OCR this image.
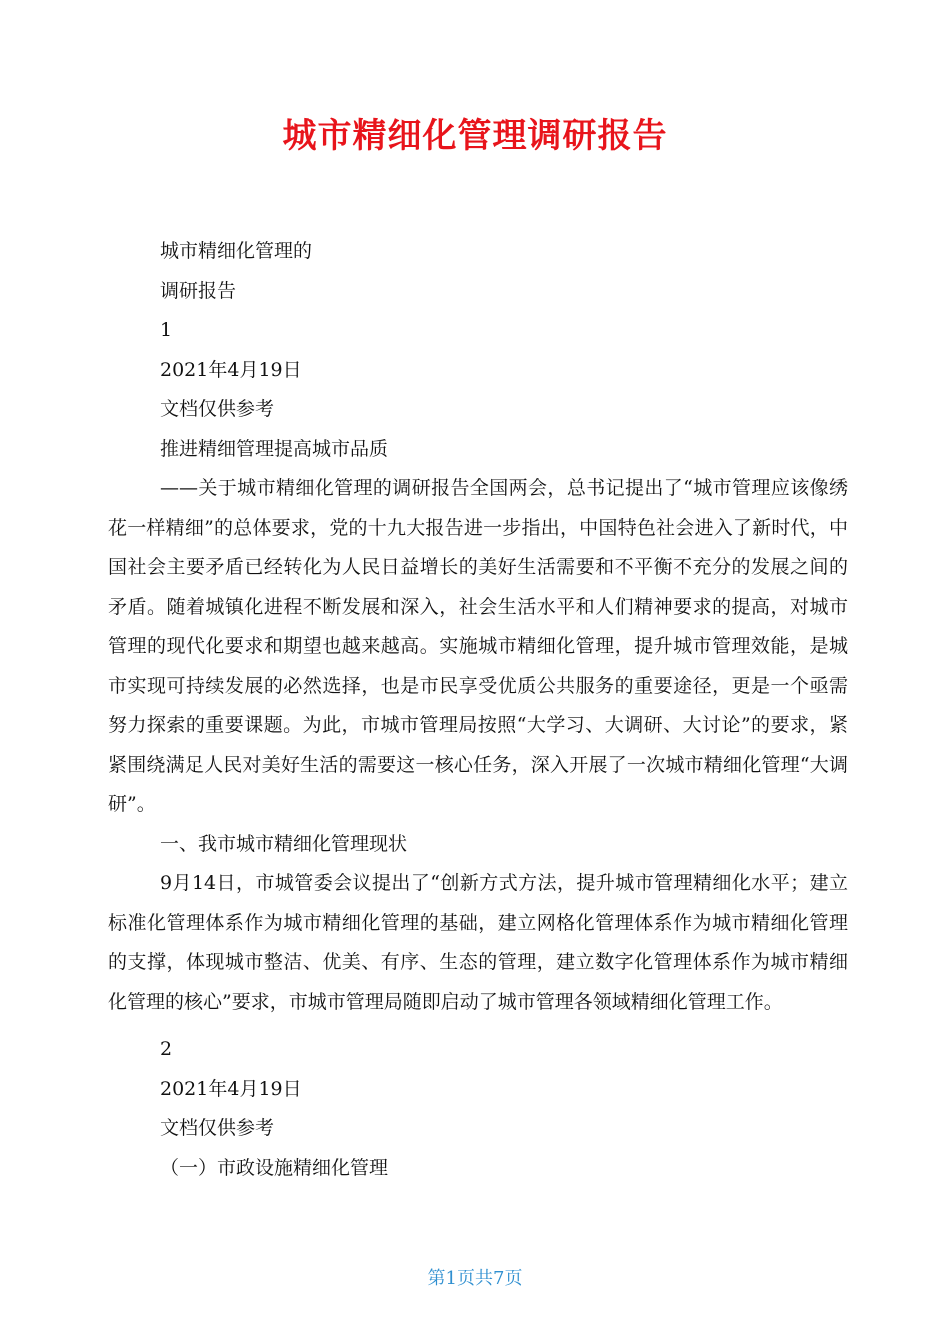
城市精细化管理调研报告

城市精细化管理的

调研报告

1

2021年4月19日

文档仅供参考

推进精细管理提高城市品质

——关于城市精细化管理的调研报告全国两会，总书记提出了“城市管理应该像绣花一样精细”的总体要求，党的十九大报告进一步指出，中国特色社会进入了新时代，中国社会主要矛盾已经转化为人民日益增长的美好生活需要和不平衡不充分的发展之间的矛盾。随着城镇化进程不断发展和深入，社会生活水平和人们精神要求的提高，对城市管理的现代化要求和期望也越来越高。实施城市精细化管理，提升城市管理效能，是城市实现可持续发展的必然选择，也是市民享受优质公共服务的重要途径，更是一个亟需努力探索的重要课题。为此，市城市管理局按照“大学习、大调研、大讨论”的要求，紧紧围绕满足人民对美好生活的需要这一核心任务，深入开展了一次城市精细化管理“大调研”。

一、我市城市精细化管理现状

9月14日，市城管委会议提出了“创新方式方法，提升城市管理精细化水平；建立标准化管理体系作为城市精细化管理的基础，建立网格化管理体系作为城市精细化管理的支撑，体现城市整洁、优美、有序、生态的管理，建立数字化管理体系作为城市精细化管理的核心”要求，市城市管理局随即启动了城市管理各领域精细化管理工作。

2

2021年4月19日

文档仅供参考

（一）市政设施精细化管理

第1页共7页
